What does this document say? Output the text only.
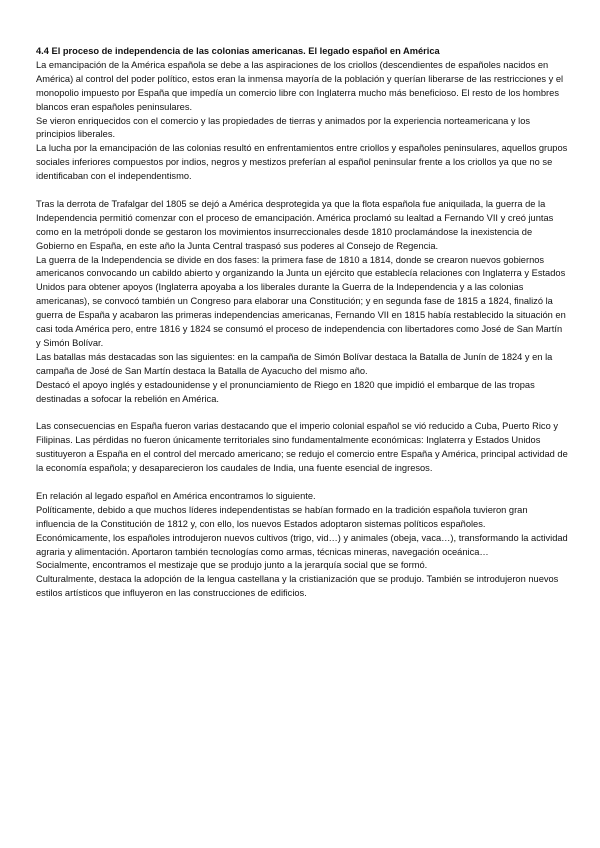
4.4 El proceso de independencia de las colonias americanas. El legado español en América

La emancipación de la América española se debe a las aspiraciones de los criollos (descendientes de españoles nacidos en América) al control del poder político, estos eran la inmensa mayoría de la población y querían liberarse de las restricciones y el monopolio impuesto por España que impedía un comercio libre con Inglaterra mucho más beneficioso. El resto de los hombres blancos eran españoles peninsulares.

Se vieron enriquecidos con el comercio y las propiedades de tierras y animados por la experiencia norteamericana y los principios liberales.

La lucha por la emancipación de las colonias resultó en enfrentamientos entre criollos y españoles peninsulares, aquellos grupos sociales inferiores compuestos por indios, negros y mestizos preferían al español peninsular frente a los criollos ya que no se identificaban con el independentismo.

Tras la derrota de Trafalgar del 1805 se dejó a América desprotegida ya que la flota española fue aniquilada, la guerra de la Independencia permitió comenzar con el proceso de emancipación. América proclamó su lealtad a Fernando VII y creó juntas como en la metrópoli donde se gestaron los movimientos insurreccionales desde 1810 proclamándose la inexistencia de Gobierno en España, en este año la Junta Central traspasó sus poderes al Consejo de Regencia.

La guerra de la Independencia se divide en dos fases: la primera fase de 1810 a 1814, donde se crearon nuevos gobiernos americanos convocando un cabildo abierto y organizando la Junta un ejército que establecía relaciones con Inglaterra y Estados Unidos para obtener apoyos (Inglaterra apoyaba a los liberales durante la Guerra de la Independencia y a las colonias americanas), se convocó también un Congreso para elaborar una Constitución; y en segunda fase de 1815 a 1824, finalizó la guerra de España y acabaron las primeras independencias americanas, Fernando VII en 1815 había restablecido la situación en casi toda América pero, entre 1816 y 1824 se consumó el proceso de independencia con libertadores como José de San Martín y Simón Bolívar.

Las batallas más destacadas son las siguientes: en la campaña de Simón Bolívar destaca la Batalla de Junín de 1824 y en la campaña de José de San Martín destaca la Batalla de Ayacucho del mismo año.

Destacó el apoyo inglés y estadounidense y el pronunciamiento de Riego en 1820 que impidió el embarque de las tropas destinadas a sofocar la rebelión en América.

Las consecuencias en España fueron varias destacando que el imperio colonial español se vió reducido a Cuba, Puerto Rico y Filipinas. Las pérdidas no fueron únicamente territoriales sino fundamentalmente económicas: Inglaterra y Estados Unidos sustituyeron a España en el control del mercado americano; se redujo el comercio entre España y América, principal actividad de la economía española; y desaparecieron los caudales de India, una fuente esencial de ingresos.

En relación al legado español en América encontramos lo siguiente.

Políticamente, debido a que muchos líderes independentistas se habían formado en la tradición española tuvieron gran influencia de la Constitución de 1812 y, con ello, los nuevos Estados adoptaron sistemas políticos españoles.

Económicamente, los españoles introdujeron nuevos cultivos (trigo, vid…) y animales (obeja, vaca…), transformando la actividad agraria y alimentación. Aportaron también tecnologías como armas, técnicas mineras, navegación oceánica…

Socialmente, encontramos el mestizaje que se produjo junto a la jerarquía social que se formó.

Culturalmente, destaca la adopción de la lengua castellana y la cristianización que se produjo. También se introdujeron nuevos estilos artísticos que influyeron en las construcciones de edificios.
